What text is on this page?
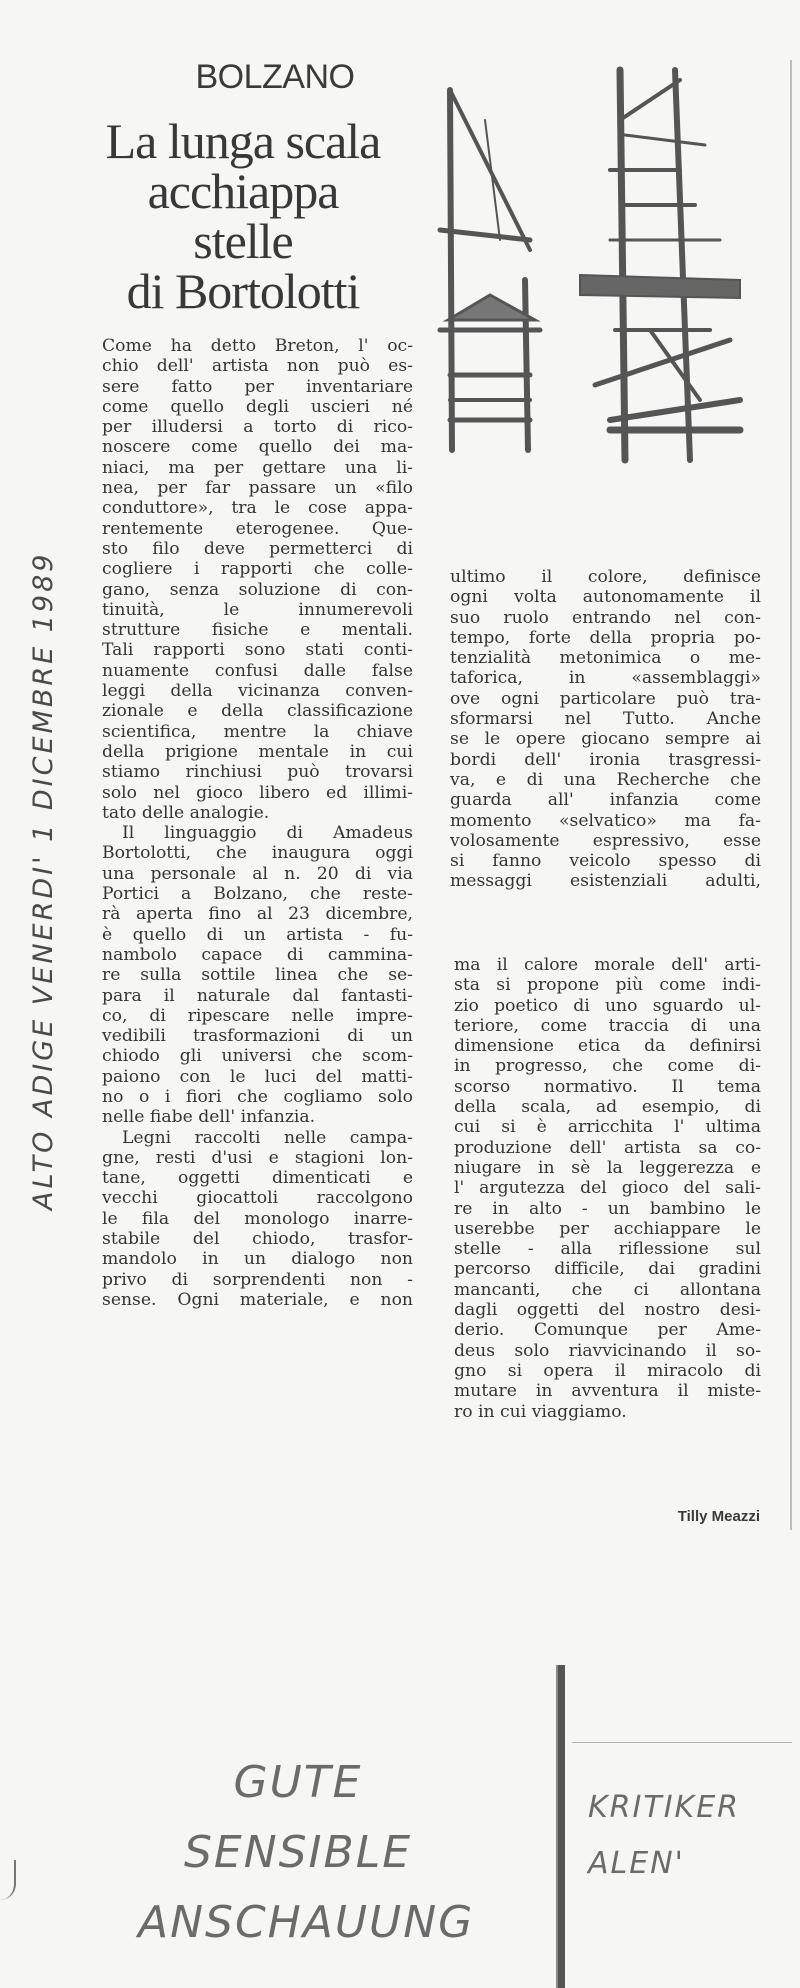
BOLZANO
La lunga scala
acchiappa
stelle
di Bortolotti
Come ha detto Breton, l' oc-
chio dell' artista non può es-
sere fatto per inventariare
come quello degli uscieri né
per illudersi a torto di rico-
noscere come quello dei ma-
niaci, ma per gettare una li-
nea, per far passare un «filo
conduttore», tra le cose appa-
rentemente eterogenee. Que-
sto filo deve permetterci di
cogliere i rapporti che colle-
gano, senza soluzione di con-
tinuità, le innumerevoli
strutture fisiche e mentali.
Tali rapporti sono stati conti-
nuamente confusi dalle false
leggi della vicinanza conven-
zionale e della classificazione
scientifica, mentre la chiave
della prigione mentale in cui
stiamo rinchiusi può trovarsi
solo nel gioco libero ed illimi-
tato delle analogie.
Il linguaggio di Amadeus
Bortolotti, che inaugura oggi
una personale al n. 20 di via
Portici a Bolzano, che reste-
rà aperta fino al 23 dicembre,
è quello di un artista - fu-
nambolo capace di cammina-
re sulla sottile linea che se-
para il naturale dal fantasti-
co, di ripescare nelle impre-
vedibili trasformazioni di un
chiodo gli universi che scom-
paiono con le luci del matti-
no o i fiori che cogliamo solo
nelle fiabe dell' infanzia.
Legni raccolti nelle campa-
gne, resti d'usi e stagioni lon-
tane, oggetti dimenticati e
vecchi giocattoli raccolgono
le fila del monologo inarre-
stabile del chiodo, trasfor-
mandolo in un dialogo non
privo di sorprendenti non -
sense. Ogni materiale, e non
ultimo il colore, definisce
ogni volta autonomamente il
suo ruolo entrando nel con-
tempo, forte della propria po-
tenzialità metonimica o me-
taforica, in «assemblaggi»
ove ogni particolare può tra-
sformarsi nel Tutto. Anche
se le opere giocano sempre ai
bordi dell' ironia trasgressi-
va, e di una Recherche che
guarda all' infanzia come
momento «selvatico» ma fa-
volosamente espressivo, esse
si fanno veicolo spesso di
messaggi esistenziali adulti,
ma il calore morale dell' arti-
sta si propone più come indi-
zio poetico di uno sguardo ul-
teriore, come traccia di una
dimensione etica da definirsi
in progresso, che come di-
scorso normativo. Il tema
della scala, ad esempio, di
cui si è arricchita l' ultima
produzione dell' artista sa co-
niugare in sè la leggerezza e
l' argutezza del gioco del sali-
re in alto - un bambino le
userebbe per acchiappare le
stelle - alla riflessione sul
percorso difficile, dai gradini
mancanti, che ci allontana
dagli oggetti del nostro desi-
derio. Comunque per Ame-
deus solo riavvicinando il so-
gno si opera il miracolo di
mutare in avventura il miste-
ro in cui viaggiamo.
Tilly Meazzi
ALTO ADIGE VENERDI' 1 DICEMBRE 1989
GUTE
SENSIBLE
ANSCHAUUNG
KRITIKER
ALEN'
